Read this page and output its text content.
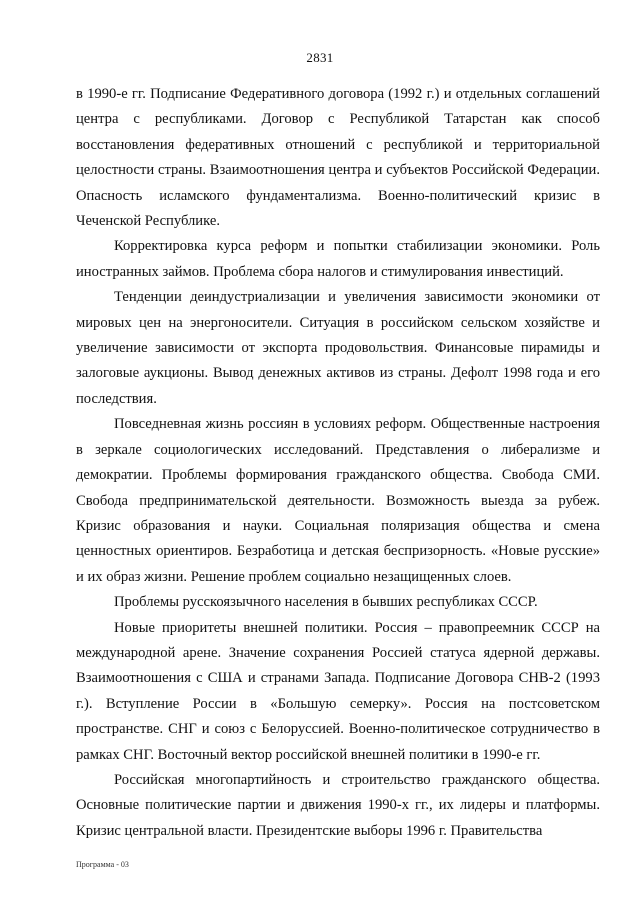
2831

в 1990-е гг. Подписание Федеративного договора (1992 г.) и отдельных соглашений центра с республиками. Договор с Республикой Татарстан как способ восстановления федеративных отношений с республикой и территориальной целостности страны. Взаимоотношения центра и субъектов Российской Федерации. Опасность исламского фундаментализма. Военно-политический кризис в Чеченской Республике.

Корректировка курса реформ и попытки стабилизации экономики. Роль иностранных займов. Проблема сбора налогов и стимулирования инвестиций.

Тенденции деиндустриализации и увеличения зависимости экономики от мировых цен на энергоносители. Ситуация в российском сельском хозяйстве и увеличение зависимости от экспорта продовольствия. Финансовые пирамиды и залоговые аукционы. Вывод денежных активов из страны. Дефолт 1998 года и его последствия.

Повседневная жизнь россиян в условиях реформ. Общественные настроения в зеркале социологических исследований. Представления о либерализме и демократии. Проблемы формирования гражданского общества. Свобода СМИ. Свобода предпринимательской деятельности. Возможность выезда за рубеж. Кризис образования и науки. Социальная поляризация общества и смена ценностных ориентиров. Безработица и детская беспризорность. «Новые русские» и их образ жизни. Решение проблем социально незащищенных слоев.

Проблемы русскоязычного населения в бывших республиках СССР.

Новые приоритеты внешней политики. Россия – правопреемник СССР на международной арене. Значение сохранения Россией статуса ядерной державы. Взаимоотношения с США и странами Запада. Подписание Договора СНВ-2 (1993 г.). Вступление России в «Большую семерку». Россия на постсоветском пространстве. СНГ и союз с Белоруссией. Военно-политическое сотрудничество в рамках СНГ. Восточный вектор российской внешней политики в 1990-е гг.

Российская многопартийность и строительство гражданского общества. Основные политические партии и движения 1990-х гг., их лидеры и платформы. Кризис центральной власти. Президентские выборы 1996 г. Правительства

Программа - 03
